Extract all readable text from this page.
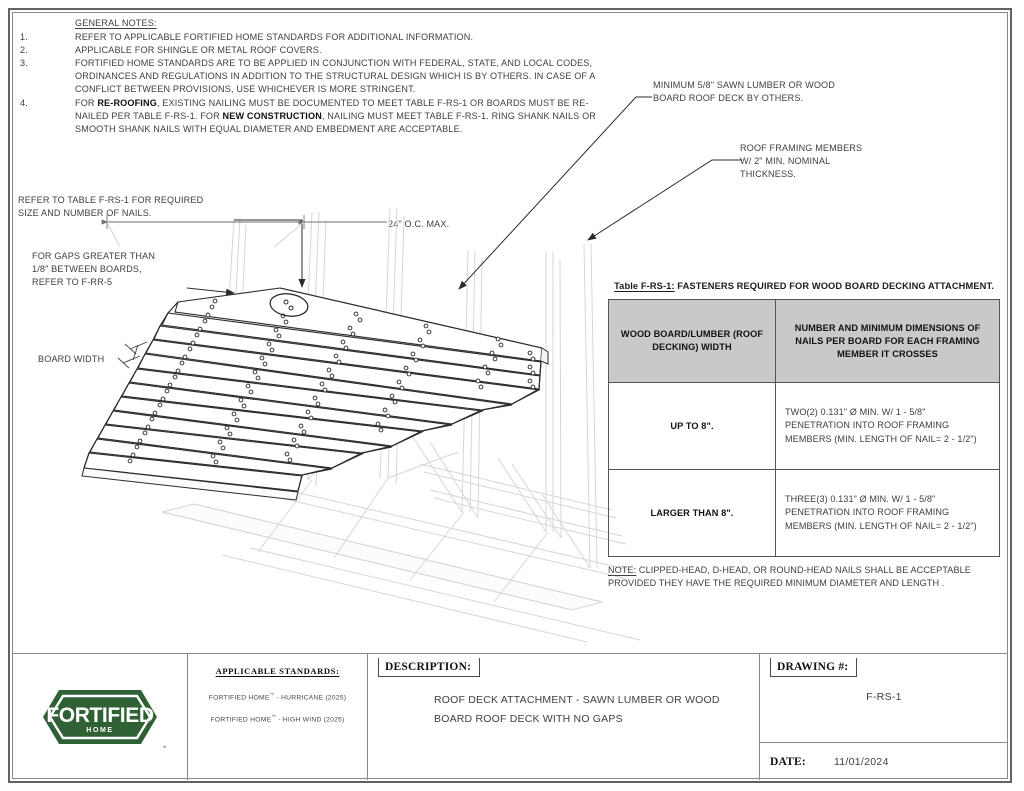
GENERAL NOTES:
1.	REFER TO APPLICABLE FORTIFIED HOME STANDARDS FOR ADDITIONAL INFORMATION.
2.	APPLICABLE FOR SHINGLE OR METAL ROOF COVERS.
3.	FORTIFIED HOME STANDARDS ARE TO BE APPLIED IN CONJUNCTION WITH FEDERAL, STATE, AND LOCAL CODES, ORDINANCES AND REGULATIONS IN ADDITION TO THE STRUCTURAL DESIGN WHICH IS BY OTHERS. IN CASE OF A CONFLICT BETWEEN PROVISIONS, USE WHICHEVER IS MORE STRINGENT.
4.	FOR RE-ROOFING, EXISTING NAILING MUST BE DOCUMENTED TO MEET TABLE F-RS-1 OR BOARDS MUST BE RE-NAILED PER TABLE F-RS-1. FOR NEW CONSTRUCTION, NAILING MUST MEET TABLE F-RS-1. RING SHANK NAILS OR SMOOTH SHANK NAILS WITH EQUAL DIAMETER AND EMBEDMENT ARE ACCEPTABLE.
REFER TO TABLE F-RS-1 FOR REQUIRED
SIZE AND NUMBER OF NAILS.
FOR GAPS GREATER THAN
1/8" BETWEEN BOARDS,
REFER TO F-RR-5
BOARD WIDTH
24" O.C. MAX.
MINIMUM 5/8" SAWN LUMBER OR WOOD
BOARD ROOF DECK BY OTHERS.
ROOF FRAMING MEMBERS
W/ 2" MIN. NOMINAL
THICKNESS.
Table F-RS-1: FASTENERS REQUIRED FOR WOOD BOARD DECKING ATTACHMENT.
WOOD BOARD/LUMBER (ROOF DECKING) WIDTH	NUMBER AND MINIMUM DIMENSIONS OF NAILS PER BOARD FOR EACH FRAMING MEMBER IT CROSSES
UP TO 8".	TWO(2) 0.131" Ø MIN. W/ 1 - 5/8" PENETRATION INTO ROOF FRAMING MEMBERS (MIN. LENGTH OF NAIL= 2 - 1/2")
LARGER THAN 8".	THREE(3) 0.131" Ø MIN. W/ 1 - 5/8" PENETRATION INTO ROOF FRAMING MEMBERS (MIN. LENGTH OF NAIL= 2 - 1/2")
NOTE: CLIPPED-HEAD, D-HEAD, OR ROUND-HEAD NAILS SHALL BE ACCEPTABLE PROVIDED THEY HAVE THE REQUIRED MINIMUM DIAMETER AND LENGTH .
FORTIFIED
HOME
™
APPLICABLE STANDARDS:
FORTIFIED HOME™ - HURRICANE (2025)
FORTIFIED HOME™ - HIGH WIND (2025)
DESCRIPTION:
ROOF DECK ATTACHMENT - SAWN LUMBER OR WOOD BOARD ROOF DECK WITH NO GAPS
DRAWING #:
F-RS-1
DATE:	11/01/2024
